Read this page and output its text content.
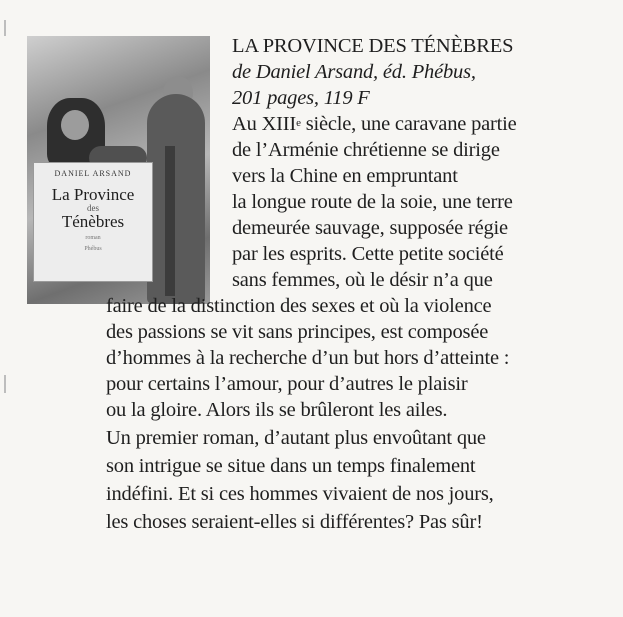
DANIEL ARSAND
La Province
des
Ténèbres
roman
Phébus
LA PROVINCE DES TÉNÈBRES
de Daniel Arsand, éd. Phébus,
201 pages, 119 F
Au XIIIe siècle, une caravane partie
de l’Arménie chrétienne se dirige
vers la Chine en empruntant
la longue route de la soie, une terre
demeurée sauvage, supposée régie
par les esprits. Cette petite société
sans femmes, où le désir n’a que
faire de la distinction des sexes et où la violence
des passions se vit sans principes, est composée
d’hommes à la recherche d’un but hors d’atteinte :
pour certains l’amour, pour d’autres le plaisir
ou la gloire. Alors ils se brûleront les ailes.
Un premier roman, d’autant plus envoûtant que
son intrigue se situe dans un temps finalement
indéfini. Et si ces hommes vivaient de nos jours,
les choses seraient-elles si différentes? Pas sûr!
